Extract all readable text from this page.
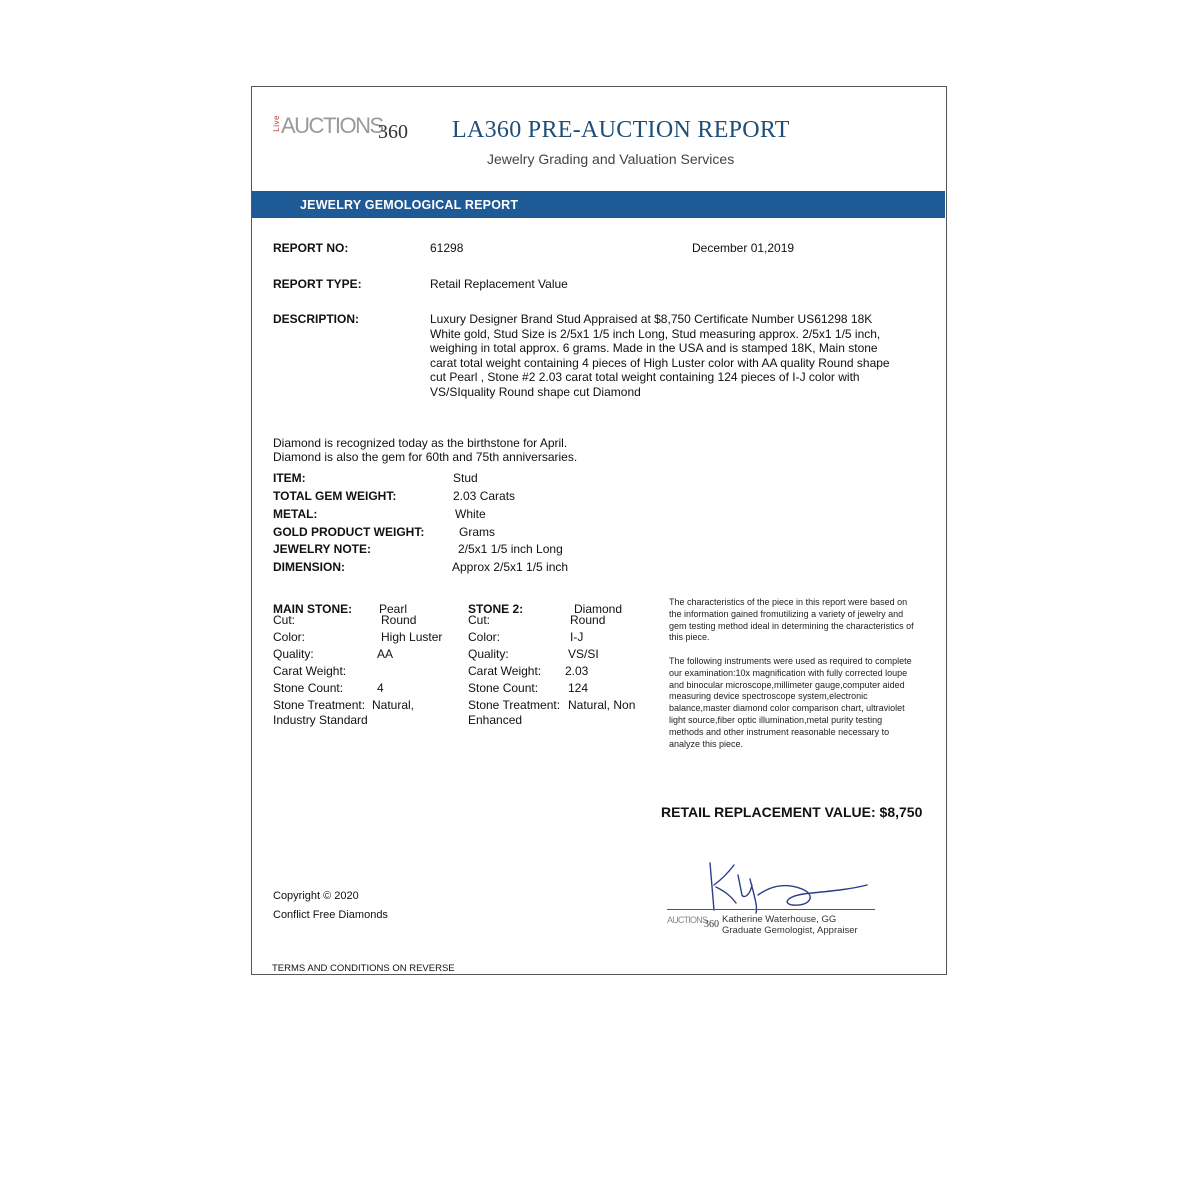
Live AUCTIONS
360 LA360 PRE-AUCTION REPORT
Jewelry Grading and Valuation Services
JEWELRY GEMOLOGICAL REPORT
REPORT NO:	61298	December 01,2019
REPORT TYPE:	Retail Replacement Value
DESCRIPTION:	Luxury Designer Brand Stud Appraised at $8,750 Certificate Number US61298 18K White gold, Stud Size is 2/5x1 1/5 inch Long, Stud measuring approx. 2/5x1 1/5 inch, weighing in total approx. 6 grams. Made in the USA and is stamped 18K, Main stone carat total weight containing 4 pieces of High Luster color with AA quality Round shape cut Pearl , Stone #2 2.03 carat total weight containing 124 pieces of I-J color with VS/SIquality Round shape cut Diamond
Diamond is recognized today as the birthstone for April.
Diamond is also the gem for 60th and 75th anniversaries.
ITEM:	Stud
TOTAL GEM WEIGHT:	2.03 Carats
METAL:	White
GOLD PRODUCT WEIGHT:	Grams
JEWELRY NOTE:	2/5x1 1/5 inch Long
DIMENSION:	Approx 2/5x1 1/5 inch
MAIN STONE: Pearl
Cut:	Round
Color:	High Luster
Quality:	AA
Carat Weight:
Stone Count:	4
Stone Treatment: Natural,
Industry Standard
STONE 2:	Diamond
Cut:	Round
Color:	I-J
Quality:	VS/SI
Carat Weight: 2.03
Stone Count: 124
Stone Treatment: Natural, Non
Enhanced
The characteristics of the piece in this report were based on the information gained fromutilizing a variety of jewelry and gem testing method ideal in determining the characteristics of this piece.
The following instruments were used as required to complete our examination:10x magnification with fully corrected loupe and binocular microscope,millimeter gauge,computer aided measuring device spectroscope system,electronic balance,master diamond color comparison chart, ultraviolet light source,fiber optic illumination,metal purity testing methods and other instrument reasonable necessary to analyze this piece.
RETAIL REPLACEMENT VALUE: $8,750
Copyright © 2020
Conflict Free Diamonds
TERMS AND CONDITIONS ON REVERSE
AUCTIONS
360 Katherine Waterhouse, GG
Graduate Gemologist, Appraiser
